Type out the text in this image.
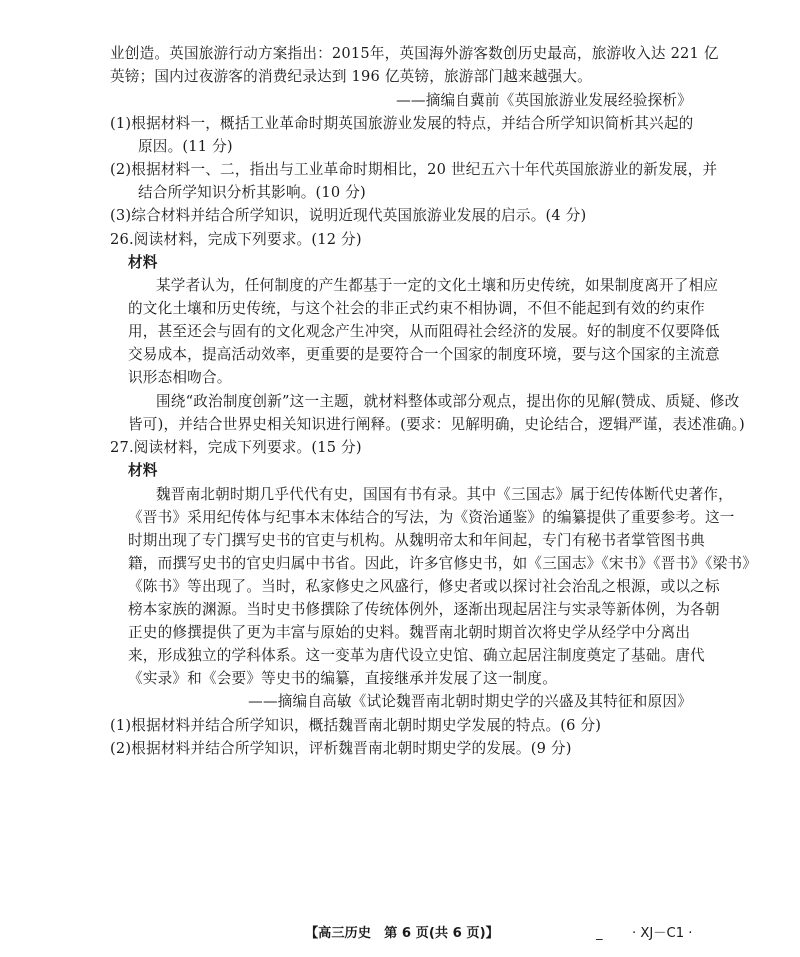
业创造。英国旅游行动方案指出：2015年，英国海外游客数创历史最高，旅游收入达 221 亿
英镑；国内过夜游客的消费纪录达到 196 亿英镑，旅游部门越来越强大。
——摘编自冀前《英国旅游业发展经验探析》
(1)根据材料一，概括工业革命时期英国旅游业发展的特点，并结合所学知识简析其兴起的
原因。(11 分)
(2)根据材料一、二，指出与工业革命时期相比，20 世纪五六十年代英国旅游业的新发展，并
结合所学知识分析其影响。(10 分)
(3)综合材料并结合所学知识，说明近现代英国旅游业发展的启示。(4 分)
26.阅读材料，完成下列要求。(12 分)
材料
某学者认为，任何制度的产生都基于一定的文化土壤和历史传统，如果制度离开了相应
的文化土壤和历史传统，与这个社会的非正式约束不相协调，不但不能起到有效的约束作
用，甚至还会与固有的文化观念产生冲突，从而阻碍社会经济的发展。好的制度不仅要降低
交易成本，提高活动效率，更重要的是要符合一个国家的制度环境，要与这个国家的主流意
识形态相吻合。
围绕“政治制度创新”这一主题，就材料整体或部分观点，提出你的见解(赞成、质疑、修改
皆可)，并结合世界史相关知识进行阐释。(要求：见解明确，史论结合，逻辑严谨，表述准确。)
27.阅读材料，完成下列要求。(15 分)
材料
魏晋南北朝时期几乎代代有史，国国有书有录。其中《三国志》属于纪传体断代史著作，
《晋书》采用纪传体与纪事本末体结合的写法，为《资治通鉴》的编纂提供了重要参考。这一
时期出现了专门撰写史书的官吏与机构。从魏明帝太和年间起，专门有秘书者掌管图书典
籍，而撰写史书的官史归属中书省。因此，许多官修史书，如《三国志》《宋书》《晋书》《梁书》
《陈书》等出现了。当时，私家修史之风盛行，修史者或以探讨社会治乱之根源，或以之标
榜本家族的渊源。当时史书修撰除了传统体例外，逐渐出现起居注与实录等新体例，为各朝
正史的修撰提供了更为丰富与原始的史料。魏晋南北朝时期首次将史学从经学中分离出
来，形成独立的学科体系。这一变革为唐代设立史馆、确立起居注制度奠定了基础。唐代
《实录》和《会要》等史书的编纂，直接继承并发展了这一制度。
——摘编自高敏《试论魏晋南北朝时期史学的兴盛及其特征和原因》
(1)根据材料并结合所学知识，概括魏晋南北朝时期史学发展的特点。(6 分)
(2)根据材料并结合所学知识，评析魏晋南北朝时期史学的发展。(9 分)
【高三历史　第 6 页(共 6 页)】	_ · XJ－C1 ·
